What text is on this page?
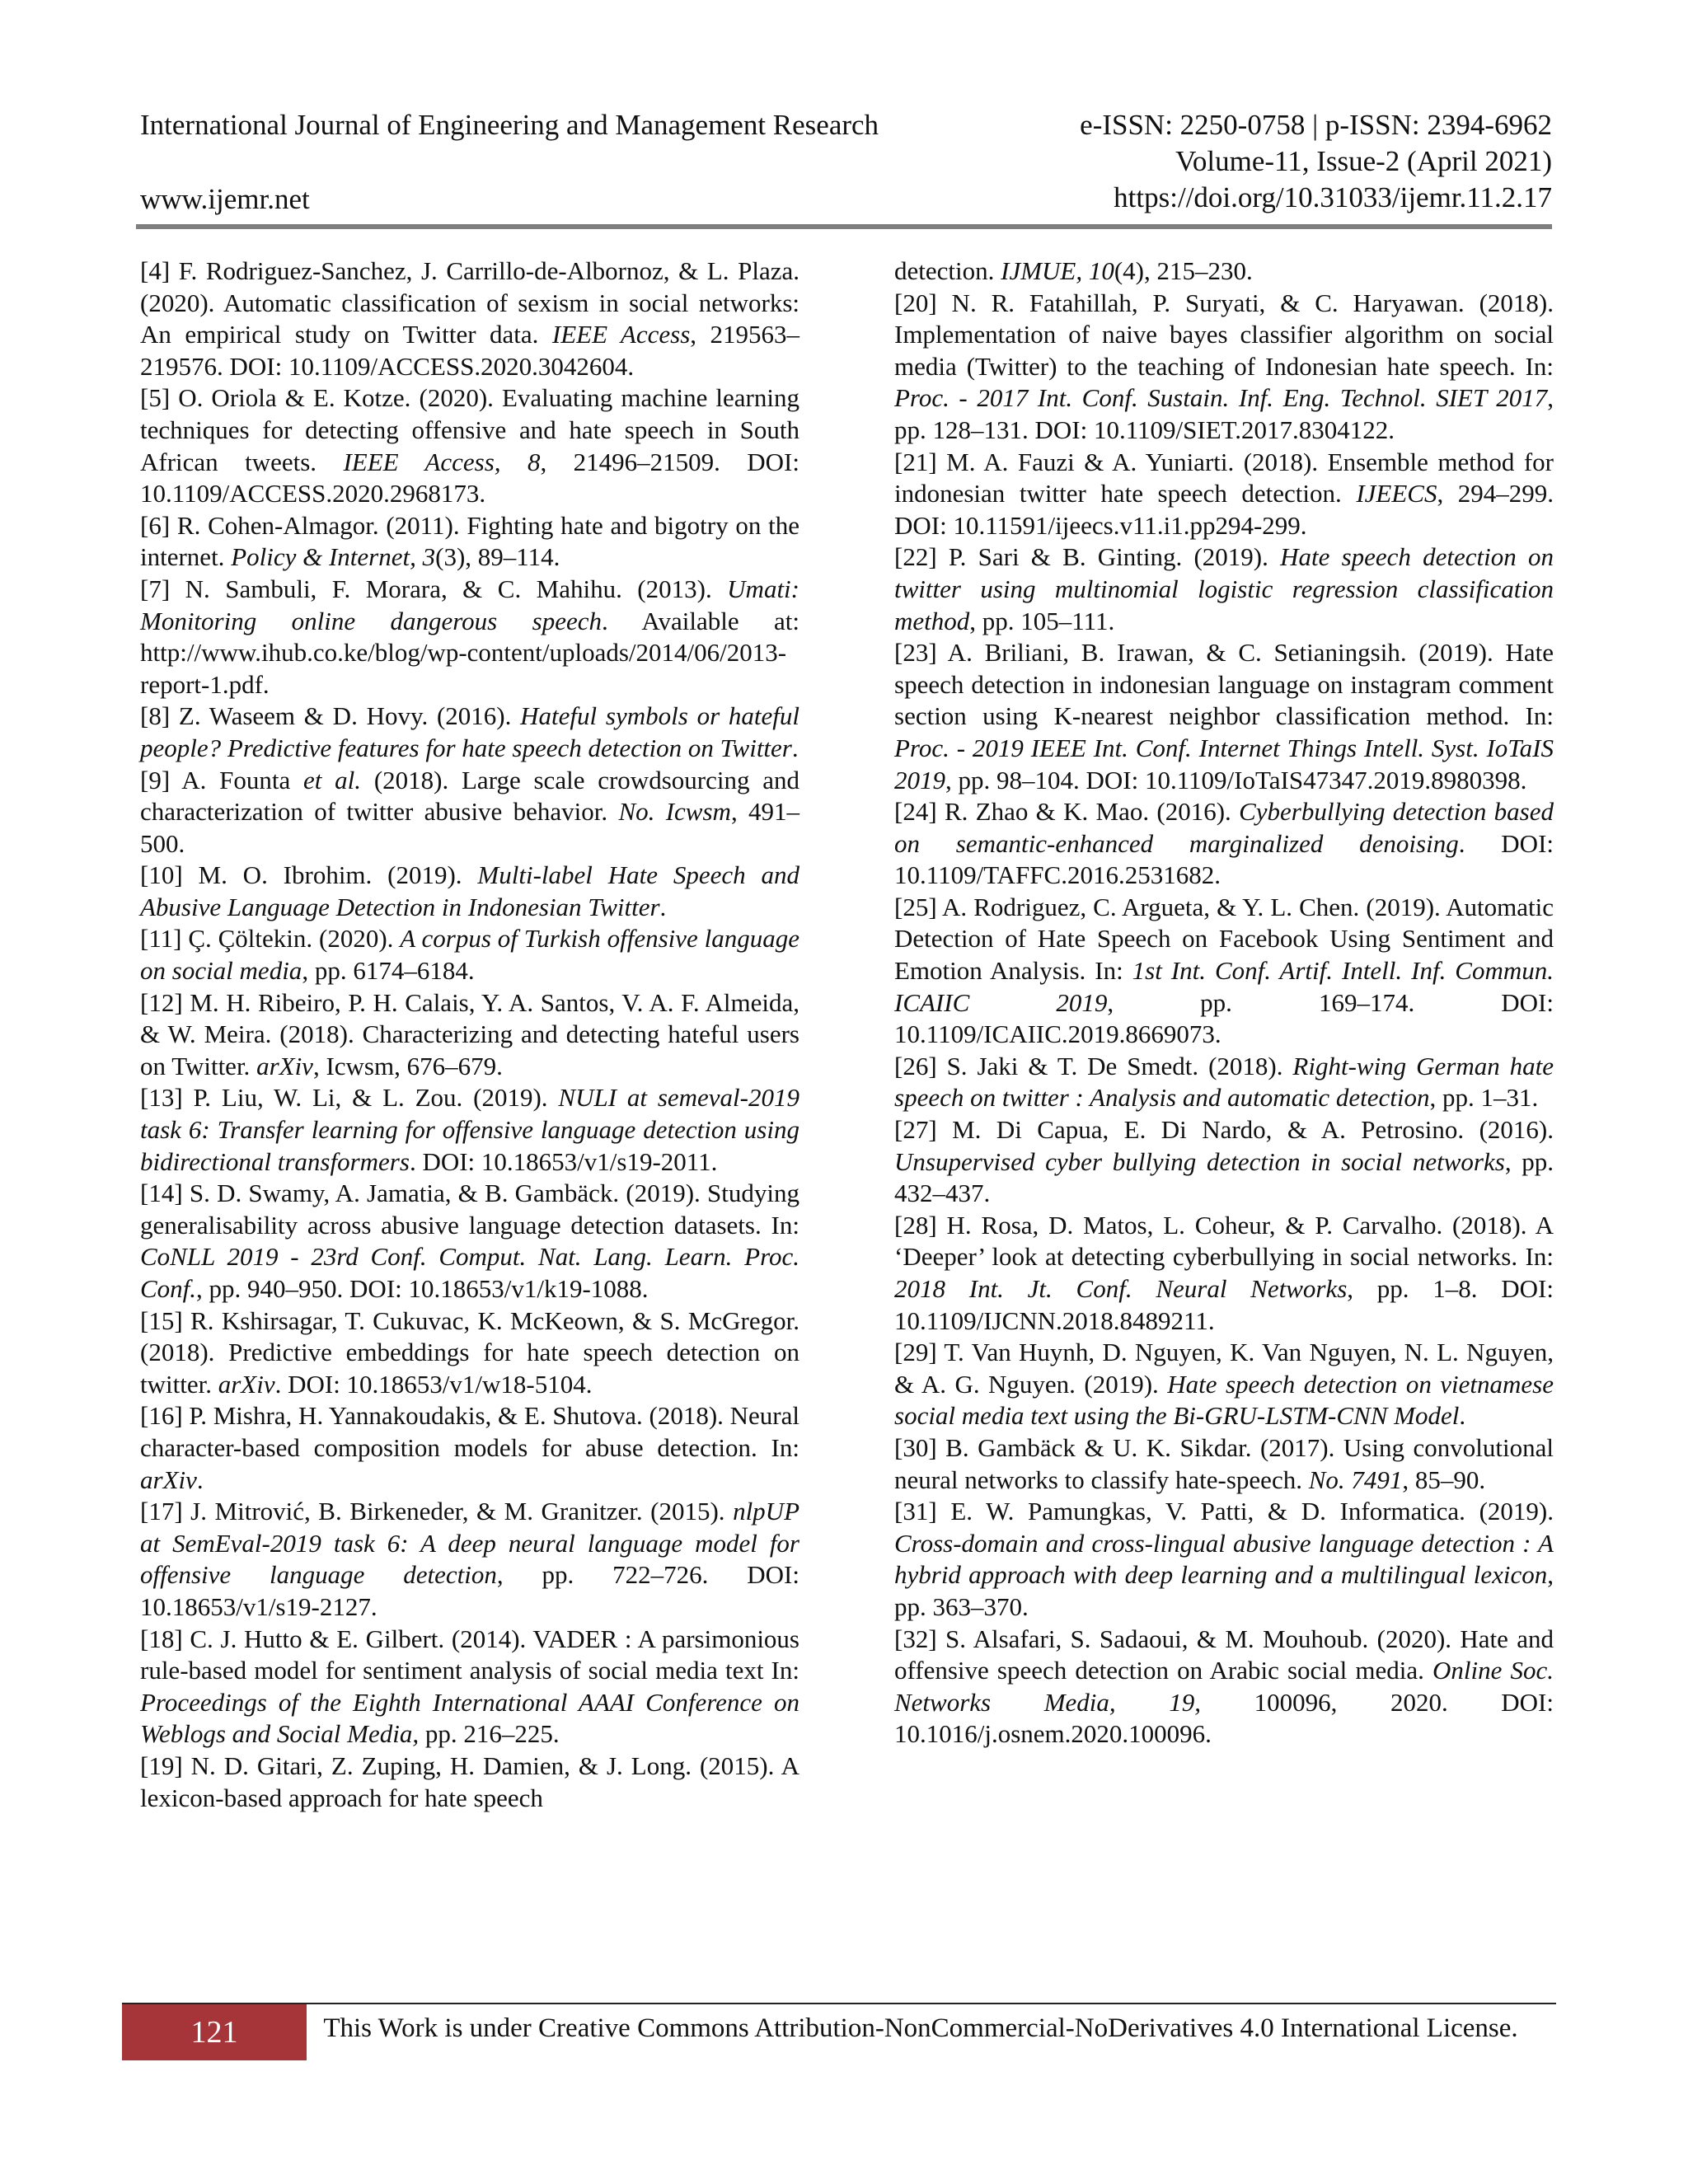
International Journal of Engineering and Management Research
www.ijemr.net
e-ISSN: 2250-0758 | p-ISSN: 2394-6962
Volume-11, Issue-2 (April 2021)
https://doi.org/10.31033/ijemr.11.2.17

[4] F. Rodriguez-Sanchez, J. Carrillo-de-Albornoz, & L. Plaza. (2020). Automatic classification of sexism in social networks: An empirical study on Twitter data. IEEE Access, 219563–219576. DOI: 10.1109/ACCESS.2020.3042604.

[5] O. Oriola & E. Kotze. (2020). Evaluating machine learning techniques for detecting offensive and hate speech in South African tweets. IEEE Access, 8, 21496–21509. DOI: 10.1109/ACCESS.2020.2968173.

[6] R. Cohen-Almagor. (2011). Fighting hate and bigotry on the internet. Policy & Internet, 3(3), 89–114.

[7] N. Sambuli, F. Morara, & C. Mahihu. (2013). Umati: Monitoring online dangerous speech. Available at: http://www.ihub.co.ke/blog/wp-content/uploads/2014/06/2013-report-1.pdf.

[8] Z. Waseem & D. Hovy. (2016). Hateful symbols or hateful people? Predictive features for hate speech detection on Twitter.

[9] A. Founta et al. (2018). Large scale crowdsourcing and characterization of twitter abusive behavior. No. Icwsm, 491–500.

[10] M. O. Ibrohim. (2019). Multi-label Hate Speech and Abusive Language Detection in Indonesian Twitter.

[11] Ç. Çöltekin. (2020). A corpus of Turkish offensive language on social media, pp. 6174–6184.

[12] M. H. Ribeiro, P. H. Calais, Y. A. Santos, V. A. F. Almeida, & W. Meira. (2018). Characterizing and detecting hateful users on Twitter. arXiv, Icwsm, 676–679.

[13] P. Liu, W. Li, & L. Zou. (2019). NULI at semeval-2019 task 6: Transfer learning for offensive language detection using bidirectional transformers. DOI: 10.18653/v1/s19-2011.

[14] S. D. Swamy, A. Jamatia, & B. Gambäck. (2019). Studying generalisability across abusive language detection datasets. In: CoNLL 2019 - 23rd Conf. Comput. Nat. Lang. Learn. Proc. Conf., pp. 940–950. DOI: 10.18653/v1/k19-1088.

[15] R. Kshirsagar, T. Cukuvac, K. McKeown, & S. McGregor. (2018). Predictive embeddings for hate speech detection on twitter. arXiv. DOI: 10.18653/v1/w18-5104.

[16] P. Mishra, H. Yannakoudakis, & E. Shutova. (2018). Neural character-based composition models for abuse detection. In: arXiv.

[17] J. Mitrović, B. Birkeneder, & M. Granitzer. (2015). nlpUP at SemEval-2019 task 6: A deep neural language model for offensive language detection, pp. 722–726. DOI: 10.18653/v1/s19-2127.

[18] C. J. Hutto & E. Gilbert. (2014). VADER : A parsimonious rule-based model for sentiment analysis of social media text In: Proceedings of the Eighth International AAAI Conference on Weblogs and Social Media, pp. 216–225.

[19] N. D. Gitari, Z. Zuping, H. Damien, & J. Long. (2015). A lexicon-based approach for hate speech

detection. IJMUE, 10(4), 215–230.

[20] N. R. Fatahillah, P. Suryati, & C. Haryawan. (2018). Implementation of naive bayes classifier algorithm on social media (Twitter) to the teaching of Indonesian hate speech. In: Proc. - 2017 Int. Conf. Sustain. Inf. Eng. Technol. SIET 2017, pp. 128–131. DOI: 10.1109/SIET.2017.8304122.

[21] M. A. Fauzi & A. Yuniarti. (2018). Ensemble method for indonesian twitter hate speech detection. IJEECS, 294–299. DOI: 10.11591/ijeecs.v11.i1.pp294-299.

[22] P. Sari & B. Ginting. (2019). Hate speech detection on twitter using multinomial logistic regression classification method, pp. 105–111.

[23] A. Briliani, B. Irawan, & C. Setianingsih. (2019). Hate speech detection in indonesian language on instagram comment section using K-nearest neighbor classification method. In: Proc. - 2019 IEEE Int. Conf. Internet Things Intell. Syst. IoTaIS 2019, pp. 98–104. DOI: 10.1109/IoTaIS47347.2019.8980398.

[24] R. Zhao & K. Mao. (2016). Cyberbullying detection based on semantic-enhanced marginalized denoising. DOI: 10.1109/TAFFC.2016.2531682.

[25] A. Rodriguez, C. Argueta, & Y. L. Chen. (2019). Automatic Detection of Hate Speech on Facebook Using Sentiment and Emotion Analysis. In: 1st Int. Conf. Artif. Intell. Inf. Commun. ICAIIC 2019, pp. 169–174. DOI: 10.1109/ICAIIC.2019.8669073.

[26] S. Jaki & T. De Smedt. (2018). Right-wing German hate speech on twitter : Analysis and automatic detection, pp. 1–31.

[27] M. Di Capua, E. Di Nardo, & A. Petrosino. (2016). Unsupervised cyber bullying detection in social networks, pp. 432–437.

[28] H. Rosa, D. Matos, L. Coheur, & P. Carvalho. (2018). A ‘Deeper’ look at detecting cyberbullying in social networks. In: 2018 Int. Jt. Conf. Neural Networks, pp. 1–8. DOI: 10.1109/IJCNN.2018.8489211.

[29] T. Van Huynh, D. Nguyen, K. Van Nguyen, N. L. Nguyen, & A. G. Nguyen. (2019). Hate speech detection on vietnamese social media text using the Bi-GRU-LSTM-CNN Model.

[30] B. Gambäck & U. K. Sikdar. (2017). Using convolutional neural networks to classify hate-speech. No. 7491, 85–90.

[31] E. W. Pamungkas, V. Patti, & D. Informatica. (2019). Cross-domain and cross-lingual abusive language detection : A hybrid approach with deep learning and a multilingual lexicon, pp. 363–370.

[32] S. Alsafari, S. Sadaoui, & M. Mouhoub. (2020). Hate and offensive speech detection on Arabic social media. Online Soc. Networks Media, 19, 100096, 2020. DOI: 10.1016/j.osnem.2020.100096.

121	This Work is under Creative Commons Attribution-NonCommercial-NoDerivatives 4.0 International License.
